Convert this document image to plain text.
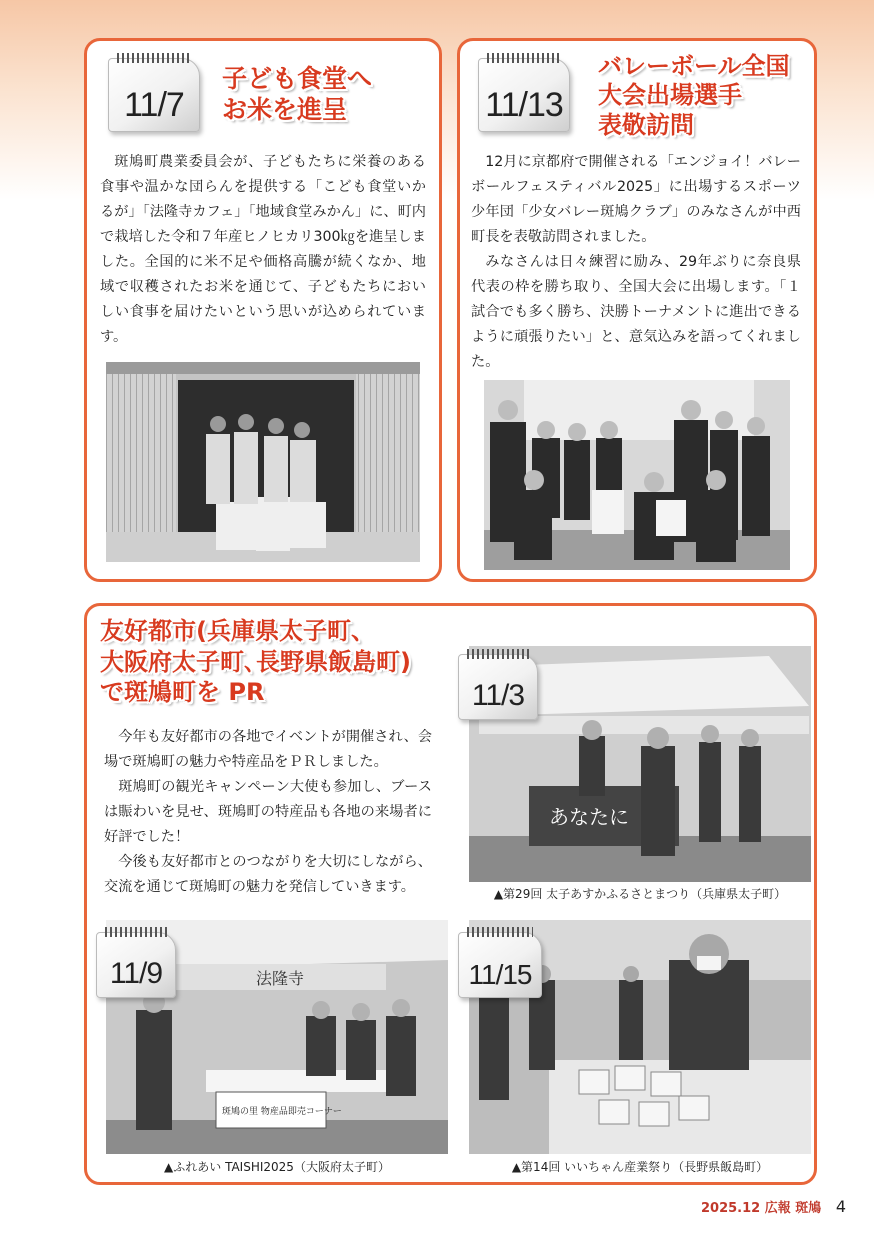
11/7
子ども食堂へ
お米を進呈

斑鳩町農業委員会が、子どもたちに栄養のある食事や温かな団らんを提供する「こども食堂いかるが」「法隆寺カフェ」「地域食堂みかん」に、町内で栽培した令和７年産ヒノヒカリ300㎏を進呈しました。全国的に米不足や価格高騰が続くなか、地域で収穫されたお米を通じて、子どもたちにおいしい食事を届けたいという思いが込められています。

11/13
バレーボール全国
大会出場選手
表敬訪問

12月に京都府で開催される「エンジョイ！バレーボールフェスティバル2025」に出場するスポーツ少年団「少女バレー斑鳩クラブ」のみなさんが中西町長を表敬訪問されました。

みなさんは日々練習に励み、29年ぶりに奈良県代表の枠を勝ち取り、全国大会に出場します。「１試合でも多く勝ち、決勝トーナメントに進出できるように頑張りたい」と、意気込みを語ってくれました。

友好都市(兵庫県太子町、
大阪府太子町､長野県飯島町)
で斑鳩町を PR

今年も友好都市の各地でイベントが開催され、会場で斑鳩町の魅力や特産品をＰＲしました。

斑鳩町の観光キャンペーン大使も参加し、ブースは賑わいを見せ、斑鳩町の特産品も各地の来場者に好評でした！

今後も友好都市とのつながりを大切にしながら、交流を通じて斑鳩町の魅力を発信していきます。

あなたに
11/3
▲第29回 太子あすかふるさとまつり（兵庫県太子町）
法隆寺
斑鳩の里 物産品即売コーナー
11/9
▲ふれあい TAISHI2025（大阪府太子町）
11/15
▲第14回 いいちゃん産業祭り（長野県飯島町）
2025.12 広報 斑鳩 4
